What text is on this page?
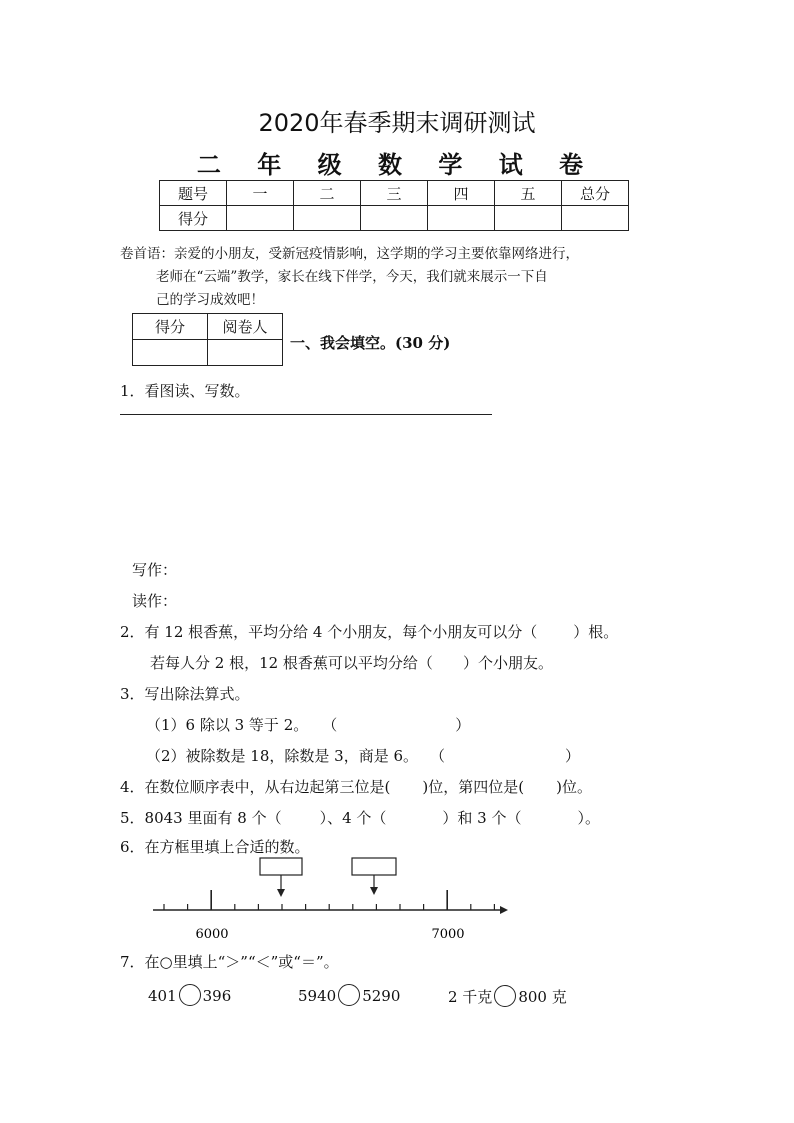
2020年春季期末调研测试
二 年 级 数 学 试 卷
题号	一	二	三	四	五	总分
得分						
卷首语：亲爱的小朋友，受新冠疫情影响，这学期的学习主要依靠网络进行，
老师在“云端”教学，家长在线下伴学，今天，我们就来展示一下自
己的学习成效吧！
得分	阅卷人

一、我会填空。(30 分)
1．看图读、写数。
写作：
读作：
2．有 12 根香蕉，平均分给 4 个小朋友，每个小朋友可以分（ ）根。
若每人分 2 根，12 根香蕉可以平均分给（ ）个小朋友。
3．写出除法算式。
（1）6 除以 3 等于 2。 （	）
（2）被除数是 18，除数是 3，商是 6。 （	）
4．在数位顺序表中，从右边起第三位是( )位，第四位是( )位。
5．8043 里面有 8 个（	）、4 个（	）和 3 个（	）。
6．在方框里填上合适的数。
6000	7000
7．在○里填上“＞”“＜”或“＝”。
401 396	5940 5290	2 千克 800 克
